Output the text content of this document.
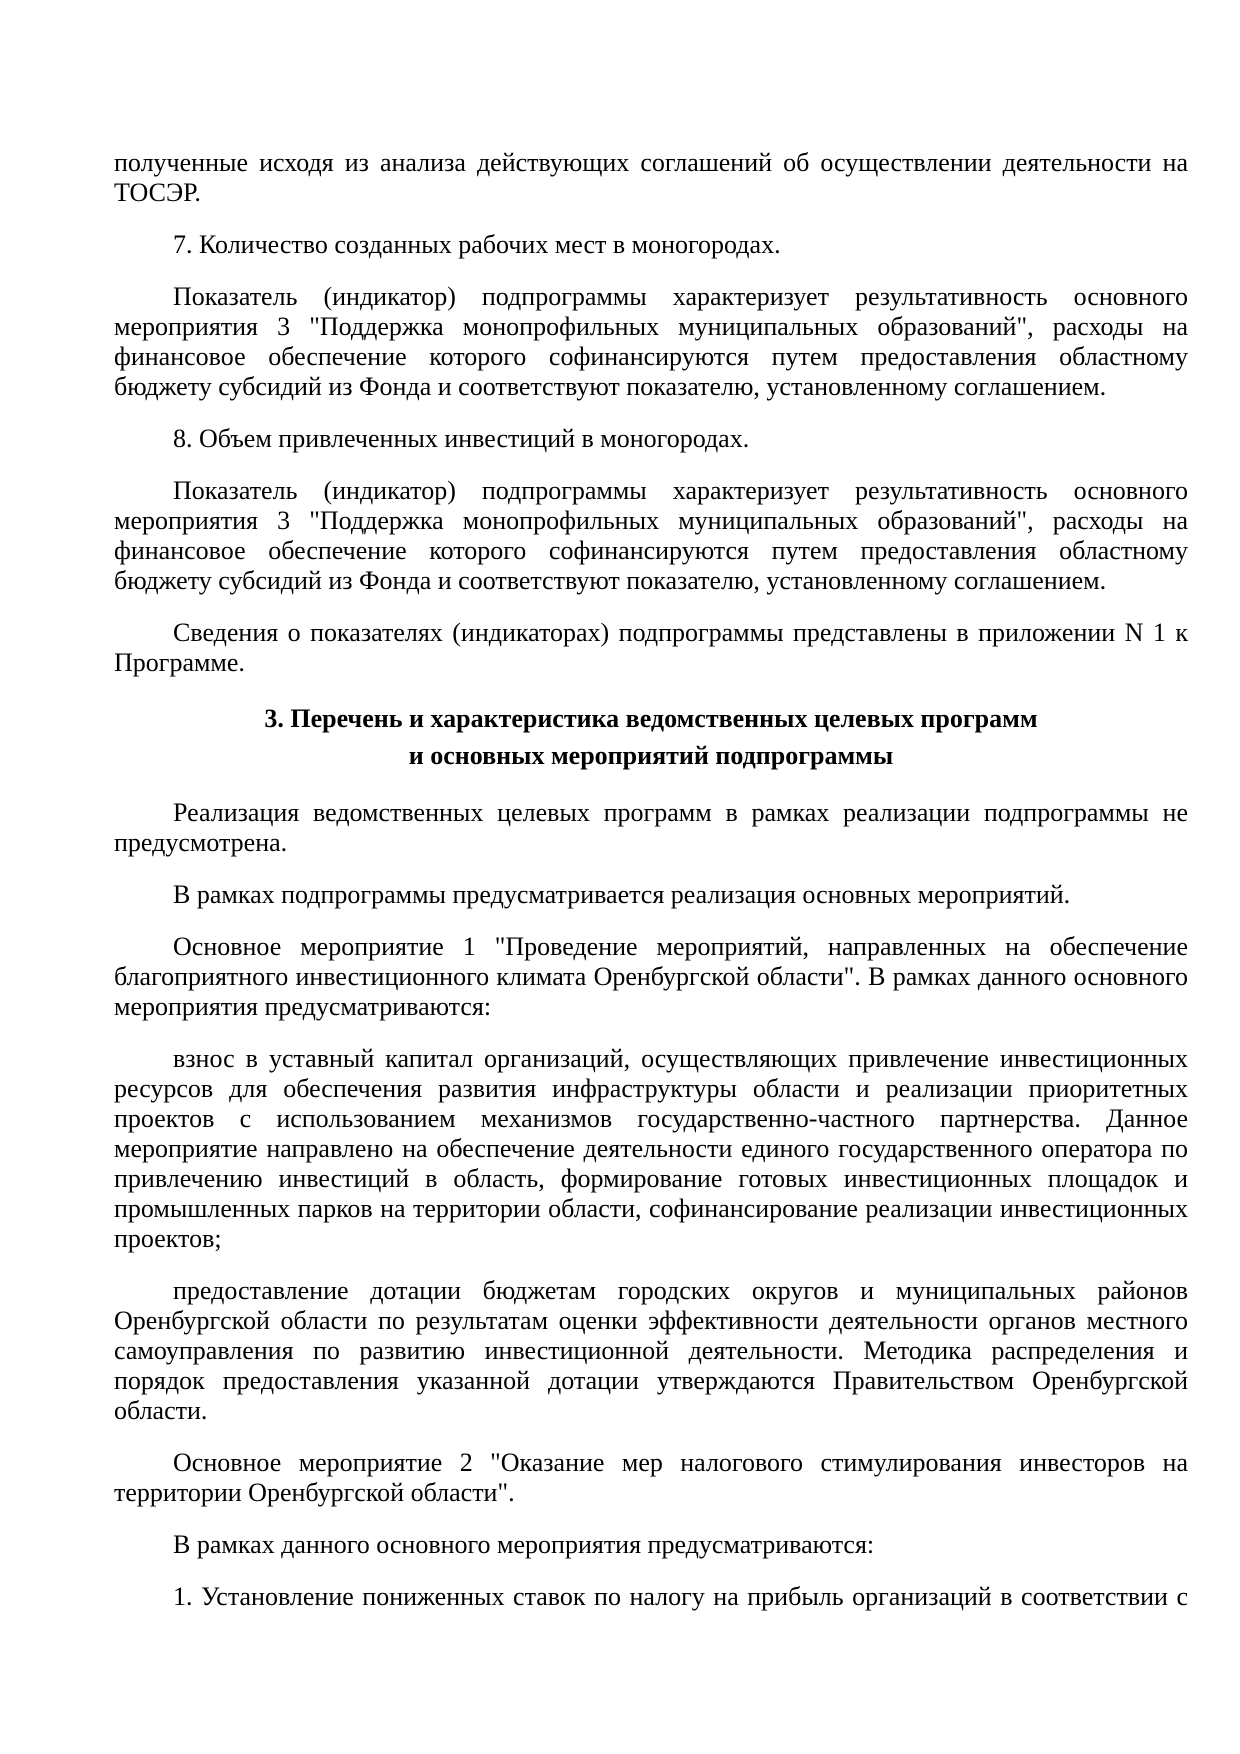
полученные исходя из анализа действующих соглашений об осуществлении деятельности на ТОСЭР.

7. Количество созданных рабочих мест в моногородах.

Показатель (индикатор) подпрограммы характеризует результативность основного мероприятия 3 "Поддержка монопрофильных муниципальных образований", расходы на финансовое обеспечение которого софинансируются путем предоставления областному бюджету субсидий из Фонда и соответствуют показателю, установленному соглашением.

8. Объем привлеченных инвестиций в моногородах.

Показатель (индикатор) подпрограммы характеризует результативность основного мероприятия 3 "Поддержка монопрофильных муниципальных образований", расходы на финансовое обеспечение которого софинансируются путем предоставления областному бюджету субсидий из Фонда и соответствуют показателю, установленному соглашением.

Сведения о показателях (индикаторах) подпрограммы представлены в приложении N 1 к Программе.

3. Перечень и характеристика ведомственных целевых программ
и основных мероприятий подпрограммы

Реализация ведомственных целевых программ в рамках реализации подпрограммы не предусмотрена.

В рамках подпрограммы предусматривается реализация основных мероприятий.

Основное мероприятие 1 "Проведение мероприятий, направленных на обеспечение благоприятного инвестиционного климата Оренбургской области". В рамках данного основного мероприятия предусматриваются:

взнос в уставный капитал организаций, осуществляющих привлечение инвестиционных ресурсов для обеспечения развития инфраструктуры области и реализации приоритетных проектов с использованием механизмов государственно-частного партнерства. Данное мероприятие направлено на обеспечение деятельности единого государственного оператора по привлечению инвестиций в область, формирование готовых инвестиционных площадок и промышленных парков на территории области, софинансирование реализации инвестиционных проектов;

предоставление дотации бюджетам городских округов и муниципальных районов Оренбургской области по результатам оценки эффективности деятельности органов местного самоуправления по развитию инвестиционной деятельности. Методика распределения и порядок предоставления указанной дотации утверждаются Правительством Оренбургской области.

Основное мероприятие 2 "Оказание мер налогового стимулирования инвесторов на территории Оренбургской области".

В рамках данного основного мероприятия предусматриваются:

1. Установление пониженных ставок по налогу на прибыль организаций в соответствии с
